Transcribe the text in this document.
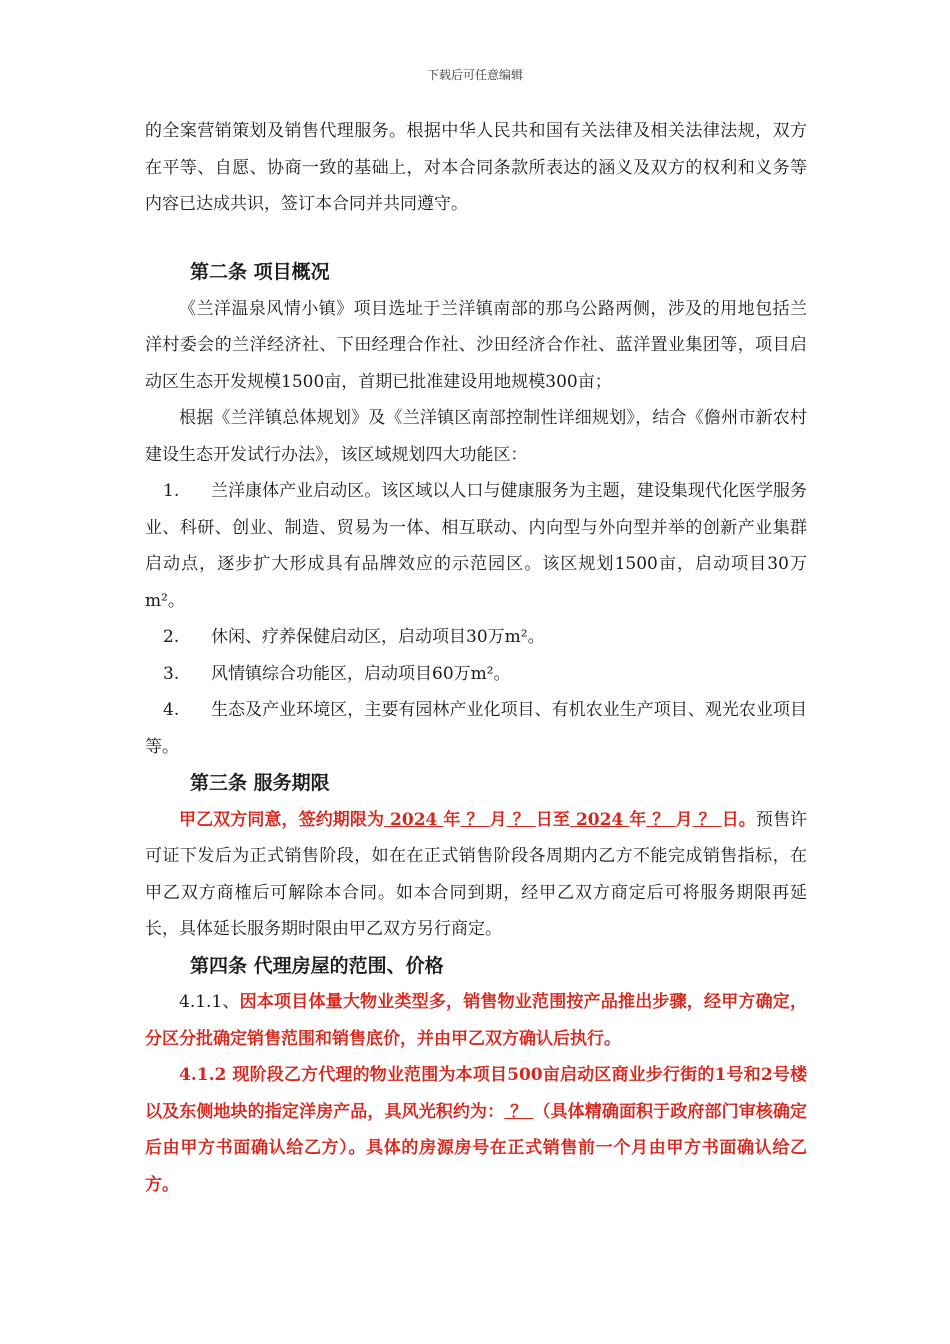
下载后可任意编辑

的全案营销策划及销售代理服务。根据中华人民共和国有关法律及相关法律法规，双方在平等、自愿、协商一致的基础上，对本合同条款所表达的涵义及双方的权利和义务等内容已达成共识，签订本合同并共同遵守。

第二条 项目概况

《兰洋温泉风情小镇》项目选址于兰洋镇南部的那乌公路两侧，涉及的用地包括兰洋村委会的兰洋经济社、下田经理合作社、沙田经济合作社、蓝洋置业集团等，项目启动区生态开发规模1500亩，首期已批准建设用地规模300亩；

根据《兰洋镇总体规划》及《兰洋镇区南部控制性详细规划》，结合《儋州市新农村建设生态开发试行办法》，该区域规划四大功能区：

1. 兰洋康体产业启动区。该区域以人口与健康服务为主题，建设集现代化医学服务业、科研、创业、制造、贸易为一体、相互联动、内向型与外向型并举的创新产业集群启动点，逐步扩大形成具有品牌效应的示范园区。该区规划1500亩，启动项目30万m²。

2. 休闲、疗养保健启动区，启动项目30万m²。

3. 风情镇综合功能区，启动项目60万m²。

4. 生态及产业环境区，主要有园林产业化项目、有机农业生产项目、观光农业项目等。

第三条 服务期限

甲乙双方同意，签约期限为 2024 年 ？ 月 ？ 日至 2024 年 ？ 月 ？ 日。预售许可证下发后为正式销售阶段，如在在正式销售阶段各周期内乙方不能完成销售指标，在甲乙双方商榷后可解除本合同。如本合同到期，经甲乙双方商定后可将服务期限再延长，具体延长服务期时限由甲乙双方另行商定。

第四条 代理房屋的范围、价格

4.1.1、因本项目体量大物业类型多，销售物业范围按产品推出步骤，经甲方确定，分区分批确定销售范围和销售底价，并由甲乙双方确认后执行。

4.1.2 现阶段乙方代理的物业范围为本项目500亩启动区商业步行街的1号和2号楼以及东侧地块的指定洋房产品，具风光积约为： ？ （具体精确面积于政府部门审核确定后由甲方书面确认给乙方）。具体的房源房号在正式销售前一个月由甲方书面确认给乙方。
